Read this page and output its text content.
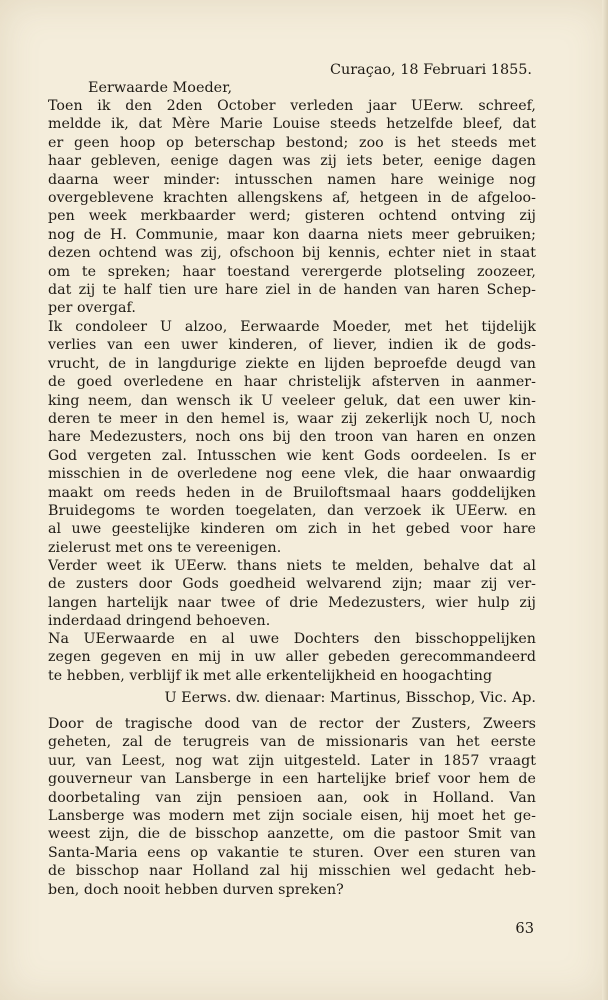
Curaçao, 18 Februari 1855.
Eerwaarde Moeder,
Toen ik den 2den October verleden jaar UEerw. schreef,
meldde ik, dat Mère Marie Louise steeds hetzelfde bleef, dat
er geen hoop op beterschap bestond; zoo is het steeds met
haar gebleven, eenige dagen was zij iets beter, eenige dagen
daarna weer minder: intusschen namen hare weinige nog
overgeblevene krachten allengskens af, hetgeen in de afgeloo-
pen week merkbaarder werd; gisteren ochtend ontving zij
nog de H. Communie, maar kon daarna niets meer gebruiken;
dezen ochtend was zij, ofschoon bij kennis, echter niet in staat
om te spreken; haar toestand verergerde plotseling zoozeer,
dat zij te half tien ure hare ziel in de handen van haren Schep-
per overgaf.
Ik condoleer U alzoo, Eerwaarde Moeder, met het tijdelijk
verlies van een uwer kinderen, of liever, indien ik de gods-
vrucht, de in langdurige ziekte en lijden beproefde deugd van
de goed overledene en haar christelijk afsterven in aanmer-
king neem, dan wensch ik U veeleer geluk, dat een uwer kin-
deren te meer in den hemel is, waar zij zekerlijk noch U, noch
hare Medezusters, noch ons bij den troon van haren en onzen
God vergeten zal. Intusschen wie kent Gods oordeelen. Is er
misschien in de overledene nog eene vlek, die haar onwaardig
maakt om reeds heden in de Bruiloftsmaal haars goddelijken
Bruidegoms te worden toegelaten, dan verzoek ik UEerw. en
al uwe geestelijke kinderen om zich in het gebed voor hare
zielerust met ons te vereenigen.
Verder weet ik UEerw. thans niets te melden, behalve dat al
de zusters door Gods goedheid welvarend zijn; maar zij ver-
langen hartelijk naar twee of drie Medezusters, wier hulp zij
inderdaad dringend behoeven.
Na UEerwaarde en al uwe Dochters den bisschoppelijken
zegen gegeven en mij in uw aller gebeden gerecommandeerd
te hebben, verblijf ik met alle erkentelijkheid en hoogachting
U Eerws. dw. dienaar: Martinus, Bisschop, Vic. Ap.
Door de tragische dood van de rector der Zusters, Zweers
geheten, zal de terugreis van de missionaris van het eerste
uur, van Leest, nog wat zijn uitgesteld. Later in 1857 vraagt
gouverneur van Lansberge in een hartelijke brief voor hem de
doorbetaling van zijn pensioen aan, ook in Holland. Van
Lansberge was modern met zijn sociale eisen, hij moet het ge-
weest zijn, die de bisschop aanzette, om die pastoor Smit van
Santa-Maria eens op vakantie te sturen. Over een sturen van
de bisschop naar Holland zal hij misschien wel gedacht heb-
ben, doch nooit hebben durven spreken?
63
